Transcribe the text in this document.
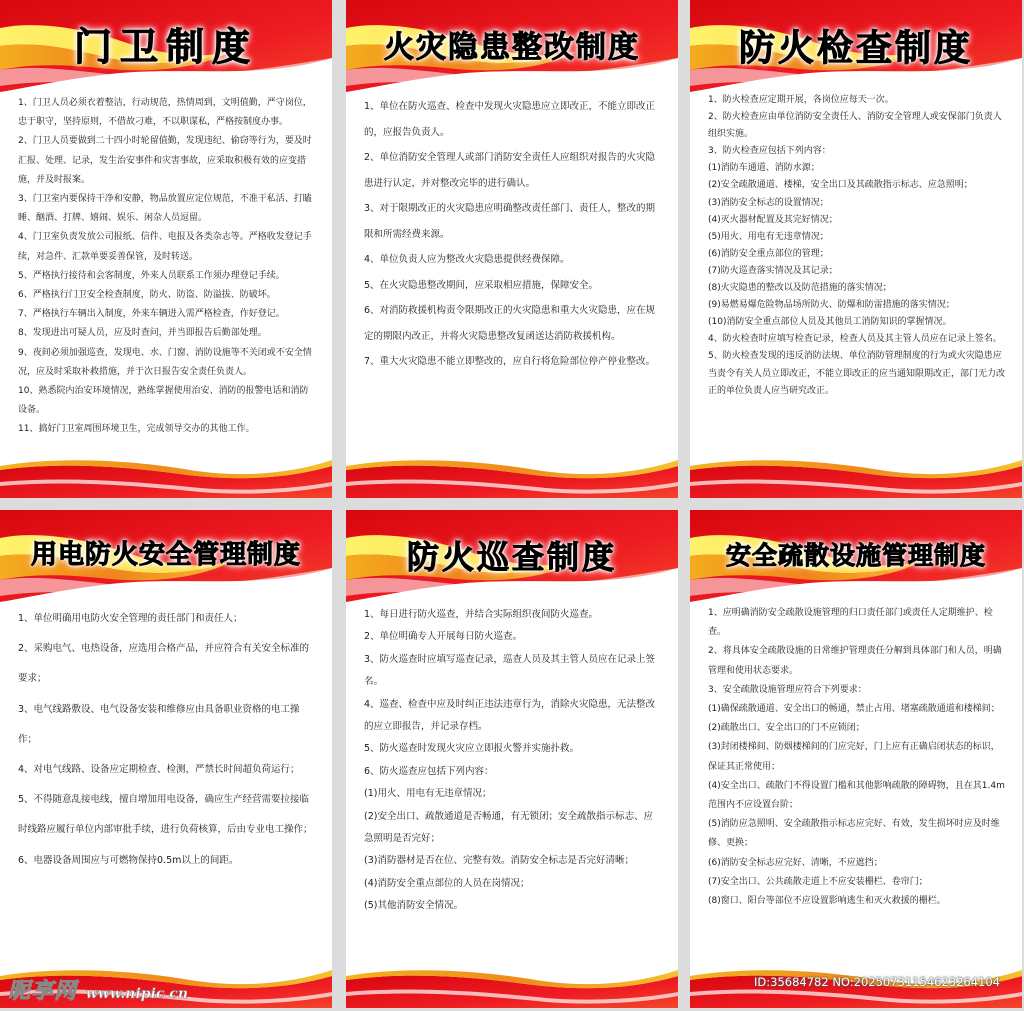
门卫制度

1、门卫人员必须衣着整洁，行动规范，热情周到，文明值勤，严守岗位，忠于职守，坚持原则，不借故刁难，不以职谋私，严格按制度办事。

2、门卫人员要做到二十四小时轮留值勤，发现违纪、偷窃等行为，要及时汇报、处理、记录，发生治安事件和灾害事故，应采取积极有效的应变措施，并及时报案。

3、门卫室内要保持干净和安静，物品放置应定位规范，不准干私活、打瞌睡、酗酒、打牌、嬉闹、娱乐、闲杂人员逗留。

4、门卫室负责发放公司报纸、信件、电报及各类杂志等。严格收发登记手续，对急件、汇款单要妥善保管，及时转送。

5、严格执行接待和会客制度，外来人员联系工作须办理登记手续。

6、严格执行门卫安全检查制度，防火、防盗、防溢拔、防破坏。

7、严格执行车辆出入制度，外来车辆进入需严格检查，作好登记。

8、发现进出可疑人员，应及时查问，并当即报告后勤部处理。

9、夜间必须加强巡查，发现电、水、门窗、消防设施等不关闭或不安全情况，应及时采取补救措施，并于次日报告安全责任负责人。

10、熟悉院内治安环境情况，熟练掌握使用治安、消防的报警电话和消防设备。

11、搞好门卫室周围环境卫生，完成领导交办的其他工作。

火灾隐患整改制度

1、单位在防火巡查、检查中发现火灾隐患应立即改正，不能立即改正的，应报告负责人。

2、单位消防安全管理人或部门消防安全责任人应组织对报告的火灾隐患进行认定，并对整改完毕的进行确认。

3、对于限期改正的火灾隐患应明确整改责任部门、责任人，整改的期限和所需经费来源。

4、单位负责人应为整改火灾隐患提供经费保障。

5、在火灾隐患整改期间，应采取相应措施，保障安全。

6、对消防救援机构责令限期改正的火灾隐患和重大火灾隐患，应在规定的期限内改正，并将火灾隐患整改复函送达消防救援机构。

7、重大火灾隐患不能立即整改的，应自行将危险部位停产停业整改。

防火检查制度

1、防火检查应定期开展，各岗位应每天一次。

2、防火检查应由单位消防安全责任人、消防安全管理人或安保部门负责人组织实施。

3、防火检查应包括下列内容：

(1)消防车通道、消防水源；

(2)安全疏散通道、楼梯，安全出口及其疏散指示标志、应急照明；

(3)消防安全标志的设置情况；

(4)灭火器材配置及其完好情况；

(5)用火、用电有无违章情况；

(6)消防安全重点部位的管理；

(7)防火巡查落实情况及其记录；

(8)火灾隐患的整改以及防范措施的落实情况；

(9)易燃易爆危险物品场所防火、防爆和防雷措施的落实情况；

(10)消防安全重点部位人员及其他员工消防知识的掌握情况。

4、防火检查时应填写检查记录，检查人员及其主管人员应在记录上签名。

5、防火检查发现的违反消防法规、单位消防管理制度的行为或火灾隐患应当责令有关人员立即改正，不能立即改正的应当通知限期改正，部门无力改正的单位负责人应当研究改正。

用电防火安全管理制度

1、单位明确用电防火安全管理的责任部门和责任人；

2、采购电气、电热设备，应选用合格产品，并应符合有关安全标准的要求；

3、电气线路敷设、电气设备安装和维修应由具备职业资格的电工操作；

4、对电气线路、设备应定期检查、检测，严禁长时间超负荷运行；

5、不得随意乱接电线，擅自增加用电设备，确应生产经营需要拉接临时线路应履行单位内部审批手续，进行负荷核算，后由专业电工操作；

6、电器设备周围应与可燃物保持0.5m以上的间距。

防火巡查制度

1、每日进行防火巡查，并结合实际组织夜间防火巡查。

2、单位明确专人开展每日防火巡查。

3、防火巡查时应填写巡查记录，巡查人员及其主管人员应在记录上签名。

4、巡查、检查中应及时纠正违法违章行为，消除火灾隐患，无法整改的应立即报告，并记录存档。

5、防火巡查时发现火灾应立即报火警并实施扑救。

6、防火巡查应包括下列内容：

(1)用火、用电有无违章情况；

(2)安全出口、疏散通道是否畅通，有无锁闭；安全疏散指示标志、应急照明是否完好；

(3)消防器材是否在位、完整有效。消防安全标志是否完好清晰；

(4)消防安全重点部位的人员在岗情况；

(5)其他消防安全情况。

安全疏散设施管理制度

1、应明确消防安全疏散设施管理的归口责任部门或责任人定期维护、检查。

2、将具体安全疏散设施的日常维护管理责任分解到具体部门和人员，明确管理和使用状态要求。

3、安全疏散设施管理应符合下列要求：

(1)确保疏散通道、安全出口的畅通，禁止占用、堵塞疏散通道和楼梯间；

(2)疏散出口、安全出口的门不应锁闭；

(3)封闭楼梯间、防烟楼梯间的门应完好，门上应有正确启闭状态的标识，保证其正常使用；

(4)安全出口、疏散门不得设置门槛和其他影响疏散的障碍物，且在其1.4m范围内不应设置台阶；

(5)消防应急照明、安全疏散指示标志应完好、有效，发生损坏时应及时维修、更换；

(6)消防安全标志应完好、清晰，不应遮挡；

(7)安全出口、公共疏散走道上不应安装栅栏、卷帘门；

(8)窗口、阳台等部位不应设置影响逃生和灭火救援的栅栏。

昵享网 www.nipic.cn
ID:35684782 NO:20250731154623264104
